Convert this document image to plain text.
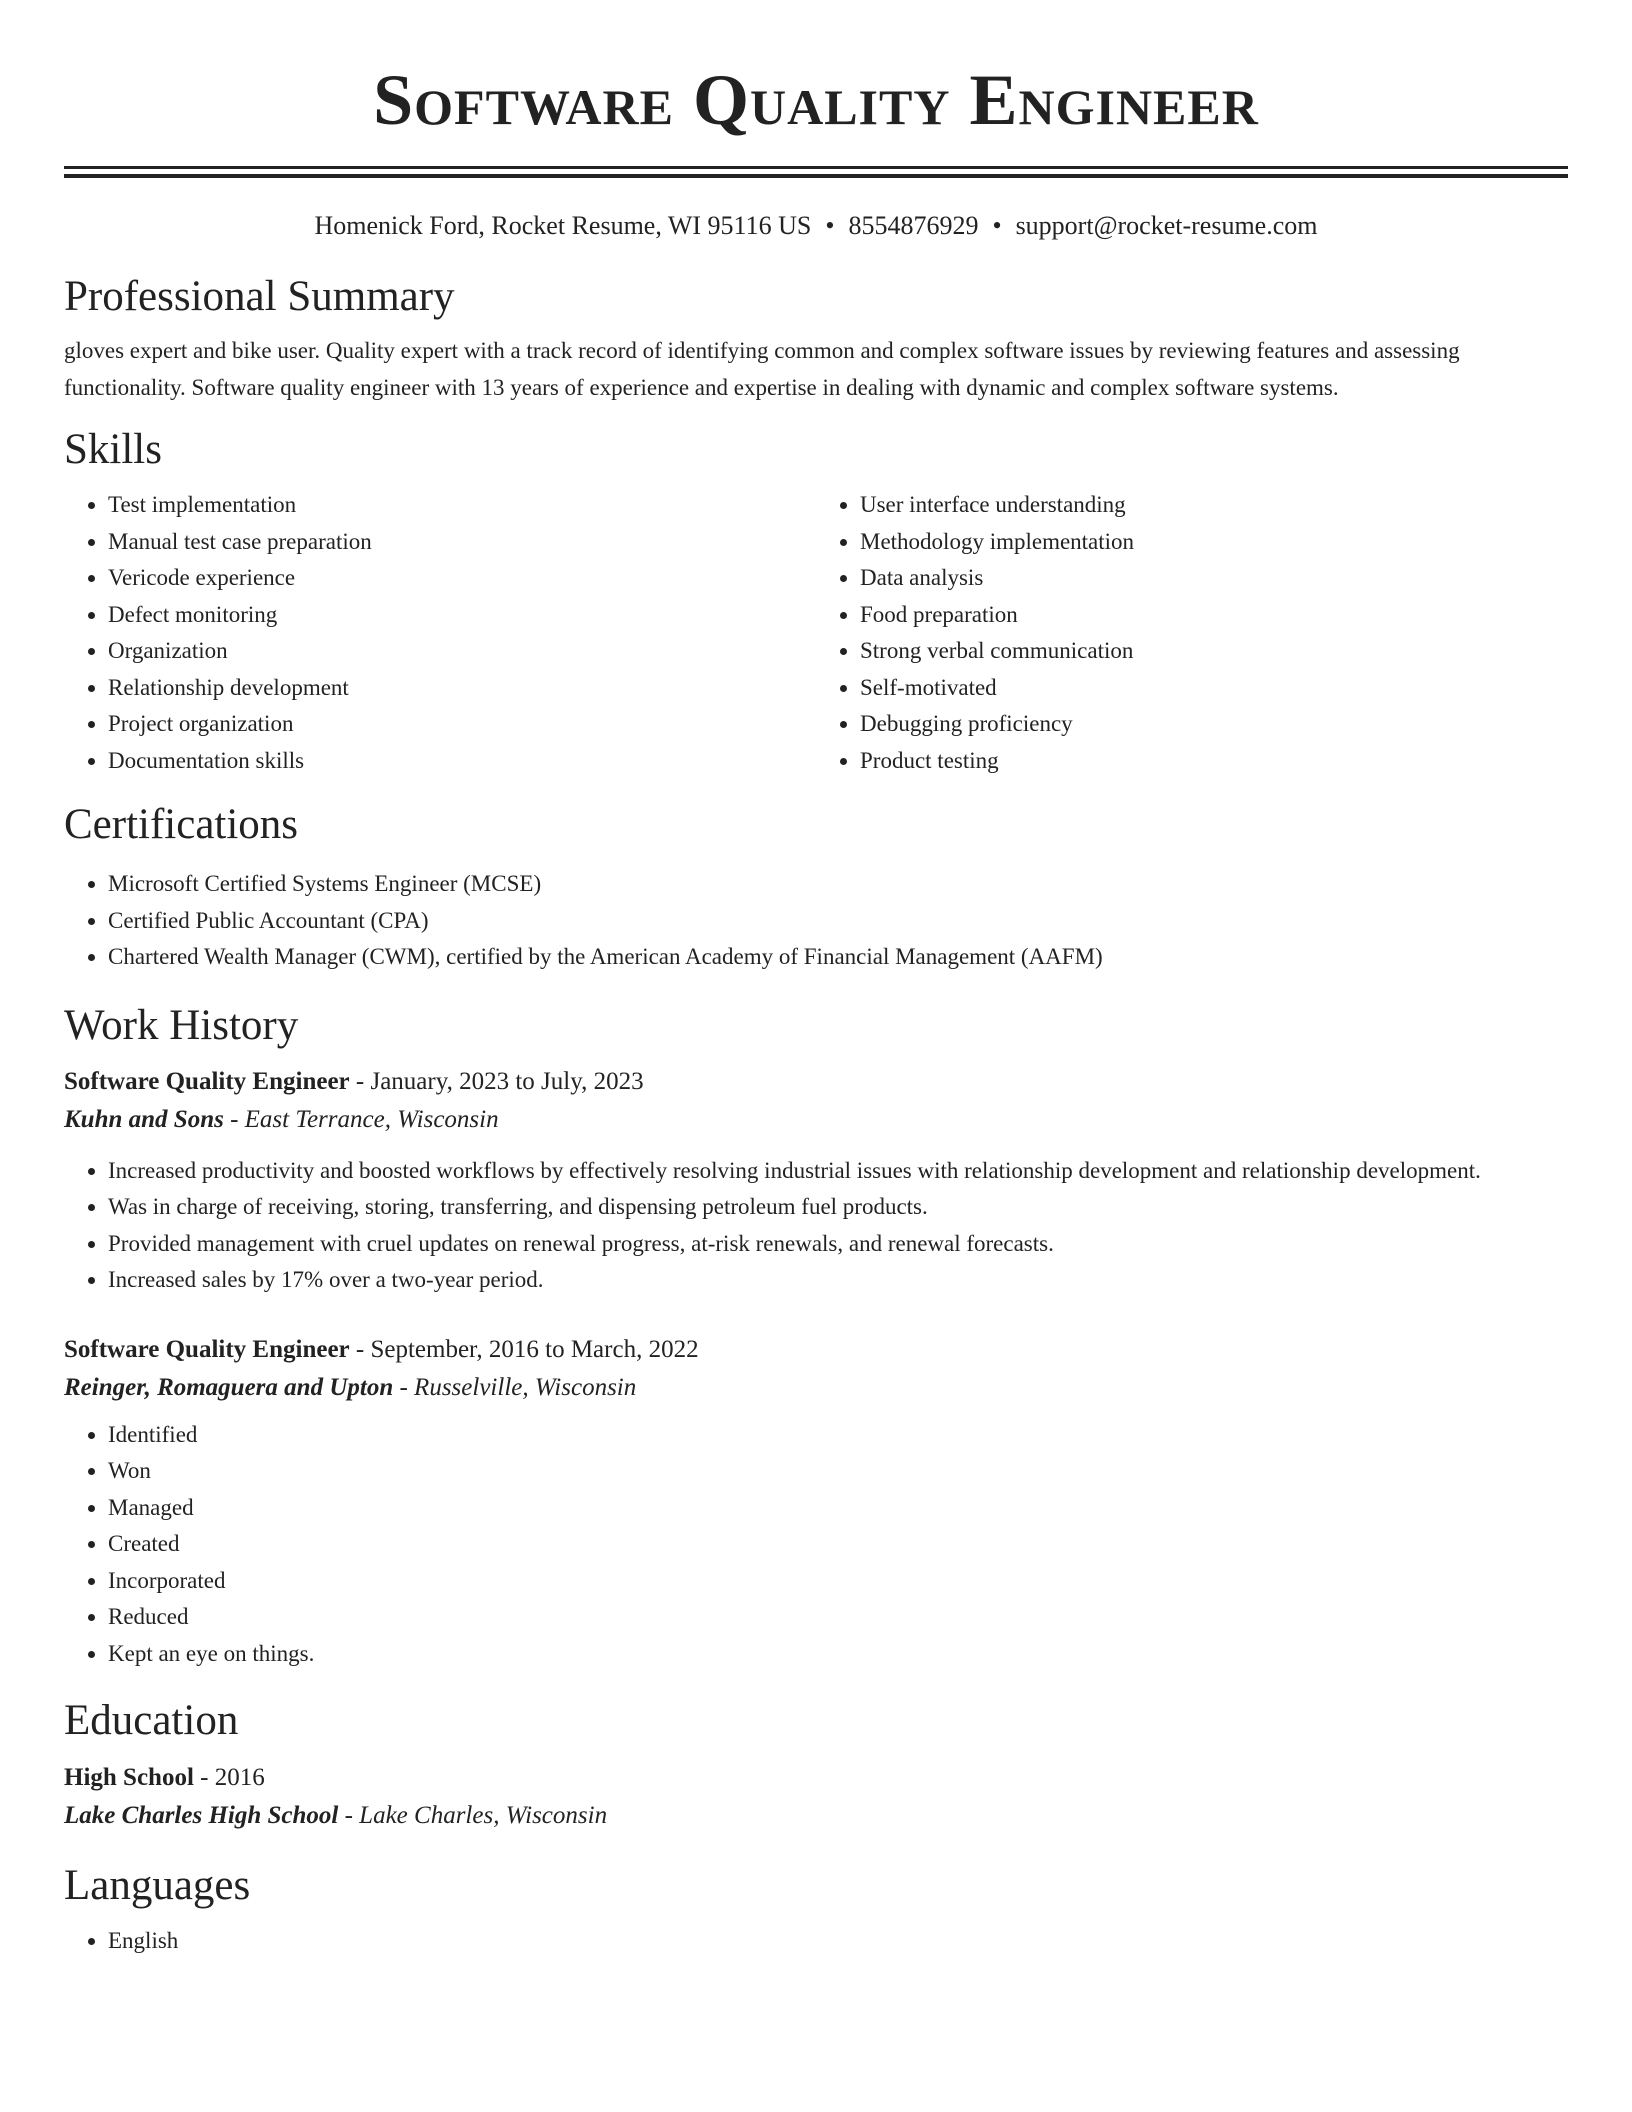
Software Quality Engineer
Homenick Ford, Rocket Resume, WI 95116 US • 8554876929 • support@rocket-resume.com
Professional Summary

gloves expert and bike user. Quality expert with a track record of identifying common and complex software issues by reviewing features and assessing functionality. Software quality engineer with 13 years of experience and expertise in dealing with dynamic and complex software systems.

Skills
• Test implementation
• Manual test case preparation
• Vericode experience
• Defect monitoring
• Organization
• Relationship development
• Project organization
• Documentation skills
• User interface understanding
• Methodology implementation
• Data analysis
• Food preparation
• Strong verbal communication
• Self-motivated
• Debugging proficiency
• Product testing
Certifications
• Microsoft Certified Systems Engineer (MCSE)
• Certified Public Accountant (CPA)
• Chartered Wealth Manager (CWM), certified by the American Academy of Financial Management (AAFM)
Work History
Software Quality Engineer - January, 2023 to July, 2023
Kuhn and Sons - East Terrance, Wisconsin
• Increased productivity and boosted workflows by effectively resolving industrial issues with relationship development and relationship development.
• Was in charge of receiving, storing, transferring, and dispensing petroleum fuel products.
• Provided management with cruel updates on renewal progress, at-risk renewals, and renewal forecasts.
• Increased sales by 17% over a two-year period.
Software Quality Engineer - September, 2016 to March, 2022
Reinger, Romaguera and Upton - Russelville, Wisconsin
• Identified
• Won
• Managed
• Created
• Incorporated
• Reduced
• Kept an eye on things.
Education
High School - 2016
Lake Charles High School - Lake Charles, Wisconsin
Languages
• English
